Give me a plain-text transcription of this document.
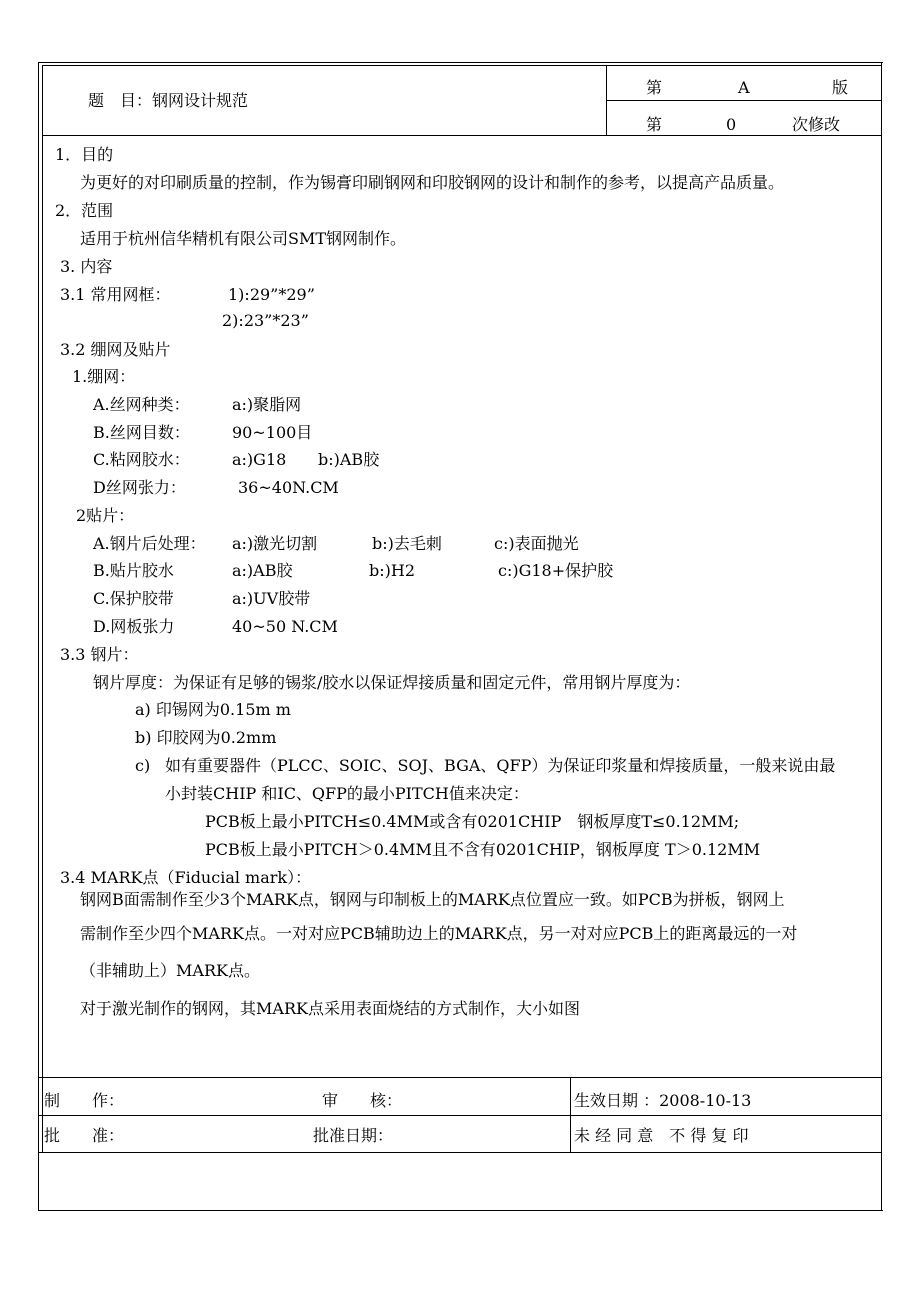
题　目：钢网设计规范
第	A	版
第	0	次修改
1．目的
为更好的对印刷质量的控制，作为锡膏印刷钢网和印胶钢网的设计和制作的参考，以提高产品质量。
2．范围
适用于杭州信华精机有限公司SMT钢网制作。
3. 内容
3.1 常用网框：	1):29”*29”
2):23”*23”
3.2 绷网及贴片
1.绷网：
A.丝网种类：	a:)聚脂网
B.丝网目数：	90~100目
C.粘网胶水：	a:)G18 b:)AB胶
D丝网张力：	36~40N.CM
2贴片：
A.钢片后处理： a:)激光切割	b:)去毛刺	c:)表面抛光
B.贴片胶水	a:)AB胶	b:)H2	c:)G18+保护胶
C.保护胶带	a:)UV胶带
D.网板张力	40~50 N.CM
3.3 钢片：
钢片厚度：为保证有足够的锡浆/胶水以保证焊接质量和固定元件，常用钢片厚度为：
a) 印锡网为0.15m m
b) 印胶网为0.2mm
c) 如有重要器件（PLCC、SOIC、SOJ、BGA、QFP）为保证印浆量和焊接质量，一般来说由最
小封装CHIP 和IC、QFP的最小PITCH值来决定：
PCB板上最小PITCH≤0.4MM或含有0201CHIP　钢板厚度T≤0.12MM;
PCB板上最小PITCH＞0.4MM且不含有0201CHIP，钢板厚度 T＞0.12MM
3.4 MARK点（Fiducial mark）：
钢网B面需制作至少3个MARK点，钢网与印制板上的MARK点位置应一致。如PCB为拼板，钢网上
需制作至少四个MARK点。一对对应PCB辅助边上的MARK点，另一对对应PCB上的距离最远的一对
（非辅助上）MARK点。
对于激光制作的钢网，其MARK点采用表面烧结的方式制作，大小如图
制　　作：	审　　核：	生效日期 ：2008-10-13
批　　准：	批准日期：	未 经 同 意　不 得 复 印
